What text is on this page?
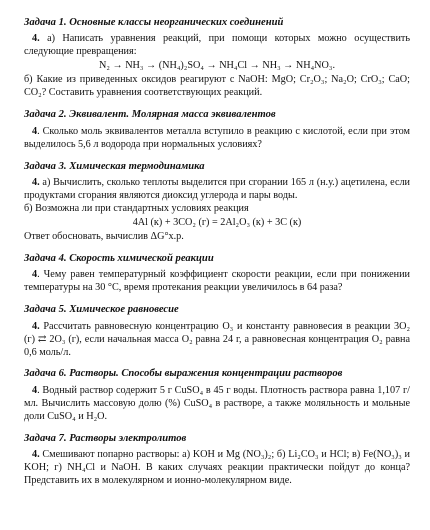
Задача 1. Основные классы неорганических соединений

4. а) Написать уравнения реакций, при помощи которых можно осуществить следующие превращения:

N₂ → NH₃ → (NH₄)₂SO₄ → NH₄Cl → NH₃ → NH₄NO₃.

б) Какие из приведенных оксидов реагируют с NaOH: MgO; Cr₂O₃; Na₂O; CrO₃; CaO; CO₂? Составить уравнения соответствующих реакций.

Задача 2. Эквивалент. Молярная масса эквивалентов

4. Сколько моль эквивалентов металла вступило в реакцию с кислотой, если при этом выделилось 5,6 л водорода при нормальных условиях?

Задача 3. Химическая термодинамика

4. а) Вычислить, сколько теплоты выделится при сгорании 165 л (н.у.) ацетилена, если продуктами сгорания являются диоксид углерода и пары воды.

б) Возможна ли при стандартных условиях реакция

4Al (к) + 3CO₂ (г) = 2Al₂O₃ (к) + 3C (к)

Ответ обосновать, вычислив ΔG°х.р.

Задача 4. Скорость химической реакции

4. Чему равен температурный коэффициент скорости реакции, если при понижении температуры на 30 °С, время протекания реакции увеличилось в 64 раза?

Задача 5. Химическое равновесие

4. Рассчитать равновесную концентрацию O₃ и константу равновесия в реакции 3O₂ (г) ⇄ 2O₃ (г), если начальная масса O₂ равна 24 г, а равновесная концентрация O₂ равна 0,6 моль/л.

Задача 6. Растворы. Способы выражения концентрации растворов

4. Водный раствор содержит 5 г CuSO₄ в 45 г воды. Плотность раствора равна 1,107 г/мл. Вычислить массовую долю (%) CuSO₄ в растворе, а также моляльность и мольные доли CuSO₄ и H₂O.

Задача 7. Растворы электролитов

4. Смешивают попарно растворы: а) KOH и Mg (NO₃)₂; б) Li₂CO₃ и HCl; в) Fe(NO₃)₃ и KOH; г) NH₄Cl и NaOH. В каких случаях реакции практически пойдут до конца? Представить их в молекулярном и ионно-молекулярном виде.
